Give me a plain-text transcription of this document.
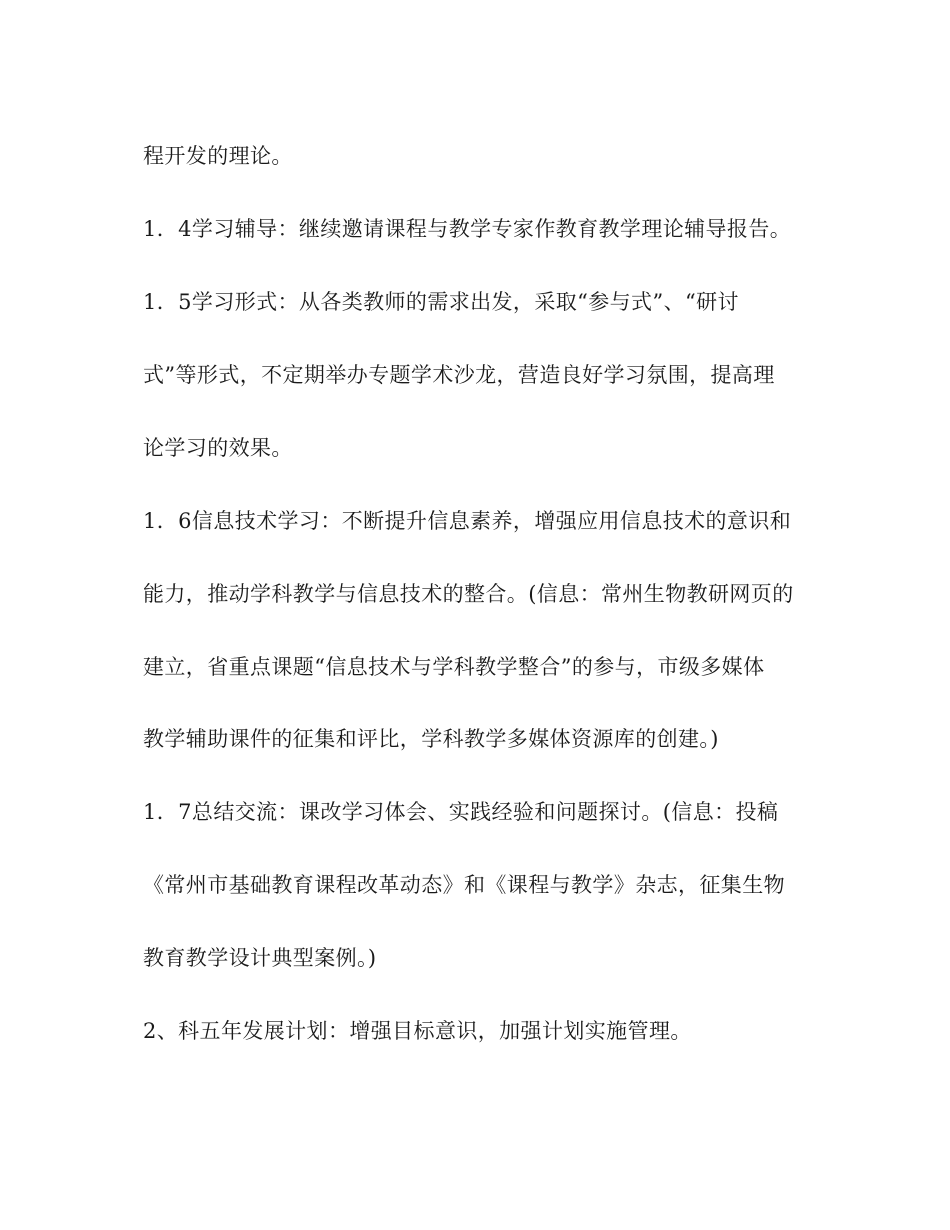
程开发的理论。
1．4学习辅导：继续邀请课程与教学专家作教育教学理论辅导报告。
1．5学习形式：从各类教师的需求出发，采取“参与式”、“研讨
式”等形式，不定期举办专题学术沙龙，营造良好学习氛围，提高理
论学习的效果。
1．6信息技术学习：不断提升信息素养，增强应用信息技术的意识和
能力，推动学科教学与信息技术的整合。(信息：常州生物教研网页的
建立，省重点课题“信息技术与学科教学整合”的参与，市级多媒体
教学辅助课件的征集和评比，学科教学多媒体资源库的创建。)
1．7总结交流：课改学习体会、实践经验和问题探讨。(信息：投稿
《常州市基础教育课程改革动态》和《课程与教学》杂志，征集生物
教育教学设计典型案例。)
2、科五年发展计划：增强目标意识，加强计划实施管理。
